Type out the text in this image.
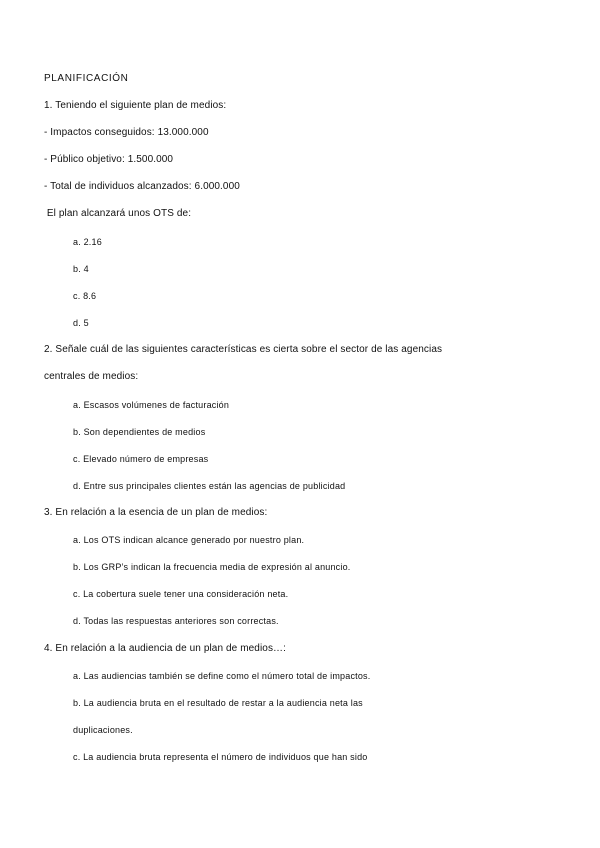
PLANIFICACIÓN

1. Teniendo el siguiente plan de medios:

- Impactos conseguidos: 13.000.000

- Público objetivo: 1.500.000

- Total de individuos alcanzados: 6.000.000

El plan alcanzará unos OTS de:

a. 2.16

b. 4

c. 8.6

d. 5

2. Señale cuál de las siguientes características es cierta sobre el sector de las agencias

centrales de medios:

a. Escasos volúmenes de facturación

b. Son dependientes de medios

c. Elevado número de empresas

d. Entre sus principales clientes están las agencias de publicidad

3. En relación a la esencia de un plan de medios:

a. Los OTS indican alcance generado por nuestro plan.

b. Los GRP’s indican la frecuencia media de expresión al anuncio.

c. La cobertura suele tener una consideración neta.

d. Todas las respuestas anteriores son correctas.

4. En relación a la audiencia de un plan de medios…:

a. Las audiencias también se define como el número total de impactos.

b. La audiencia bruta en el resultado de restar a la audiencia neta las

duplicaciones.

c. La audiencia bruta representa el número de individuos que han sido
